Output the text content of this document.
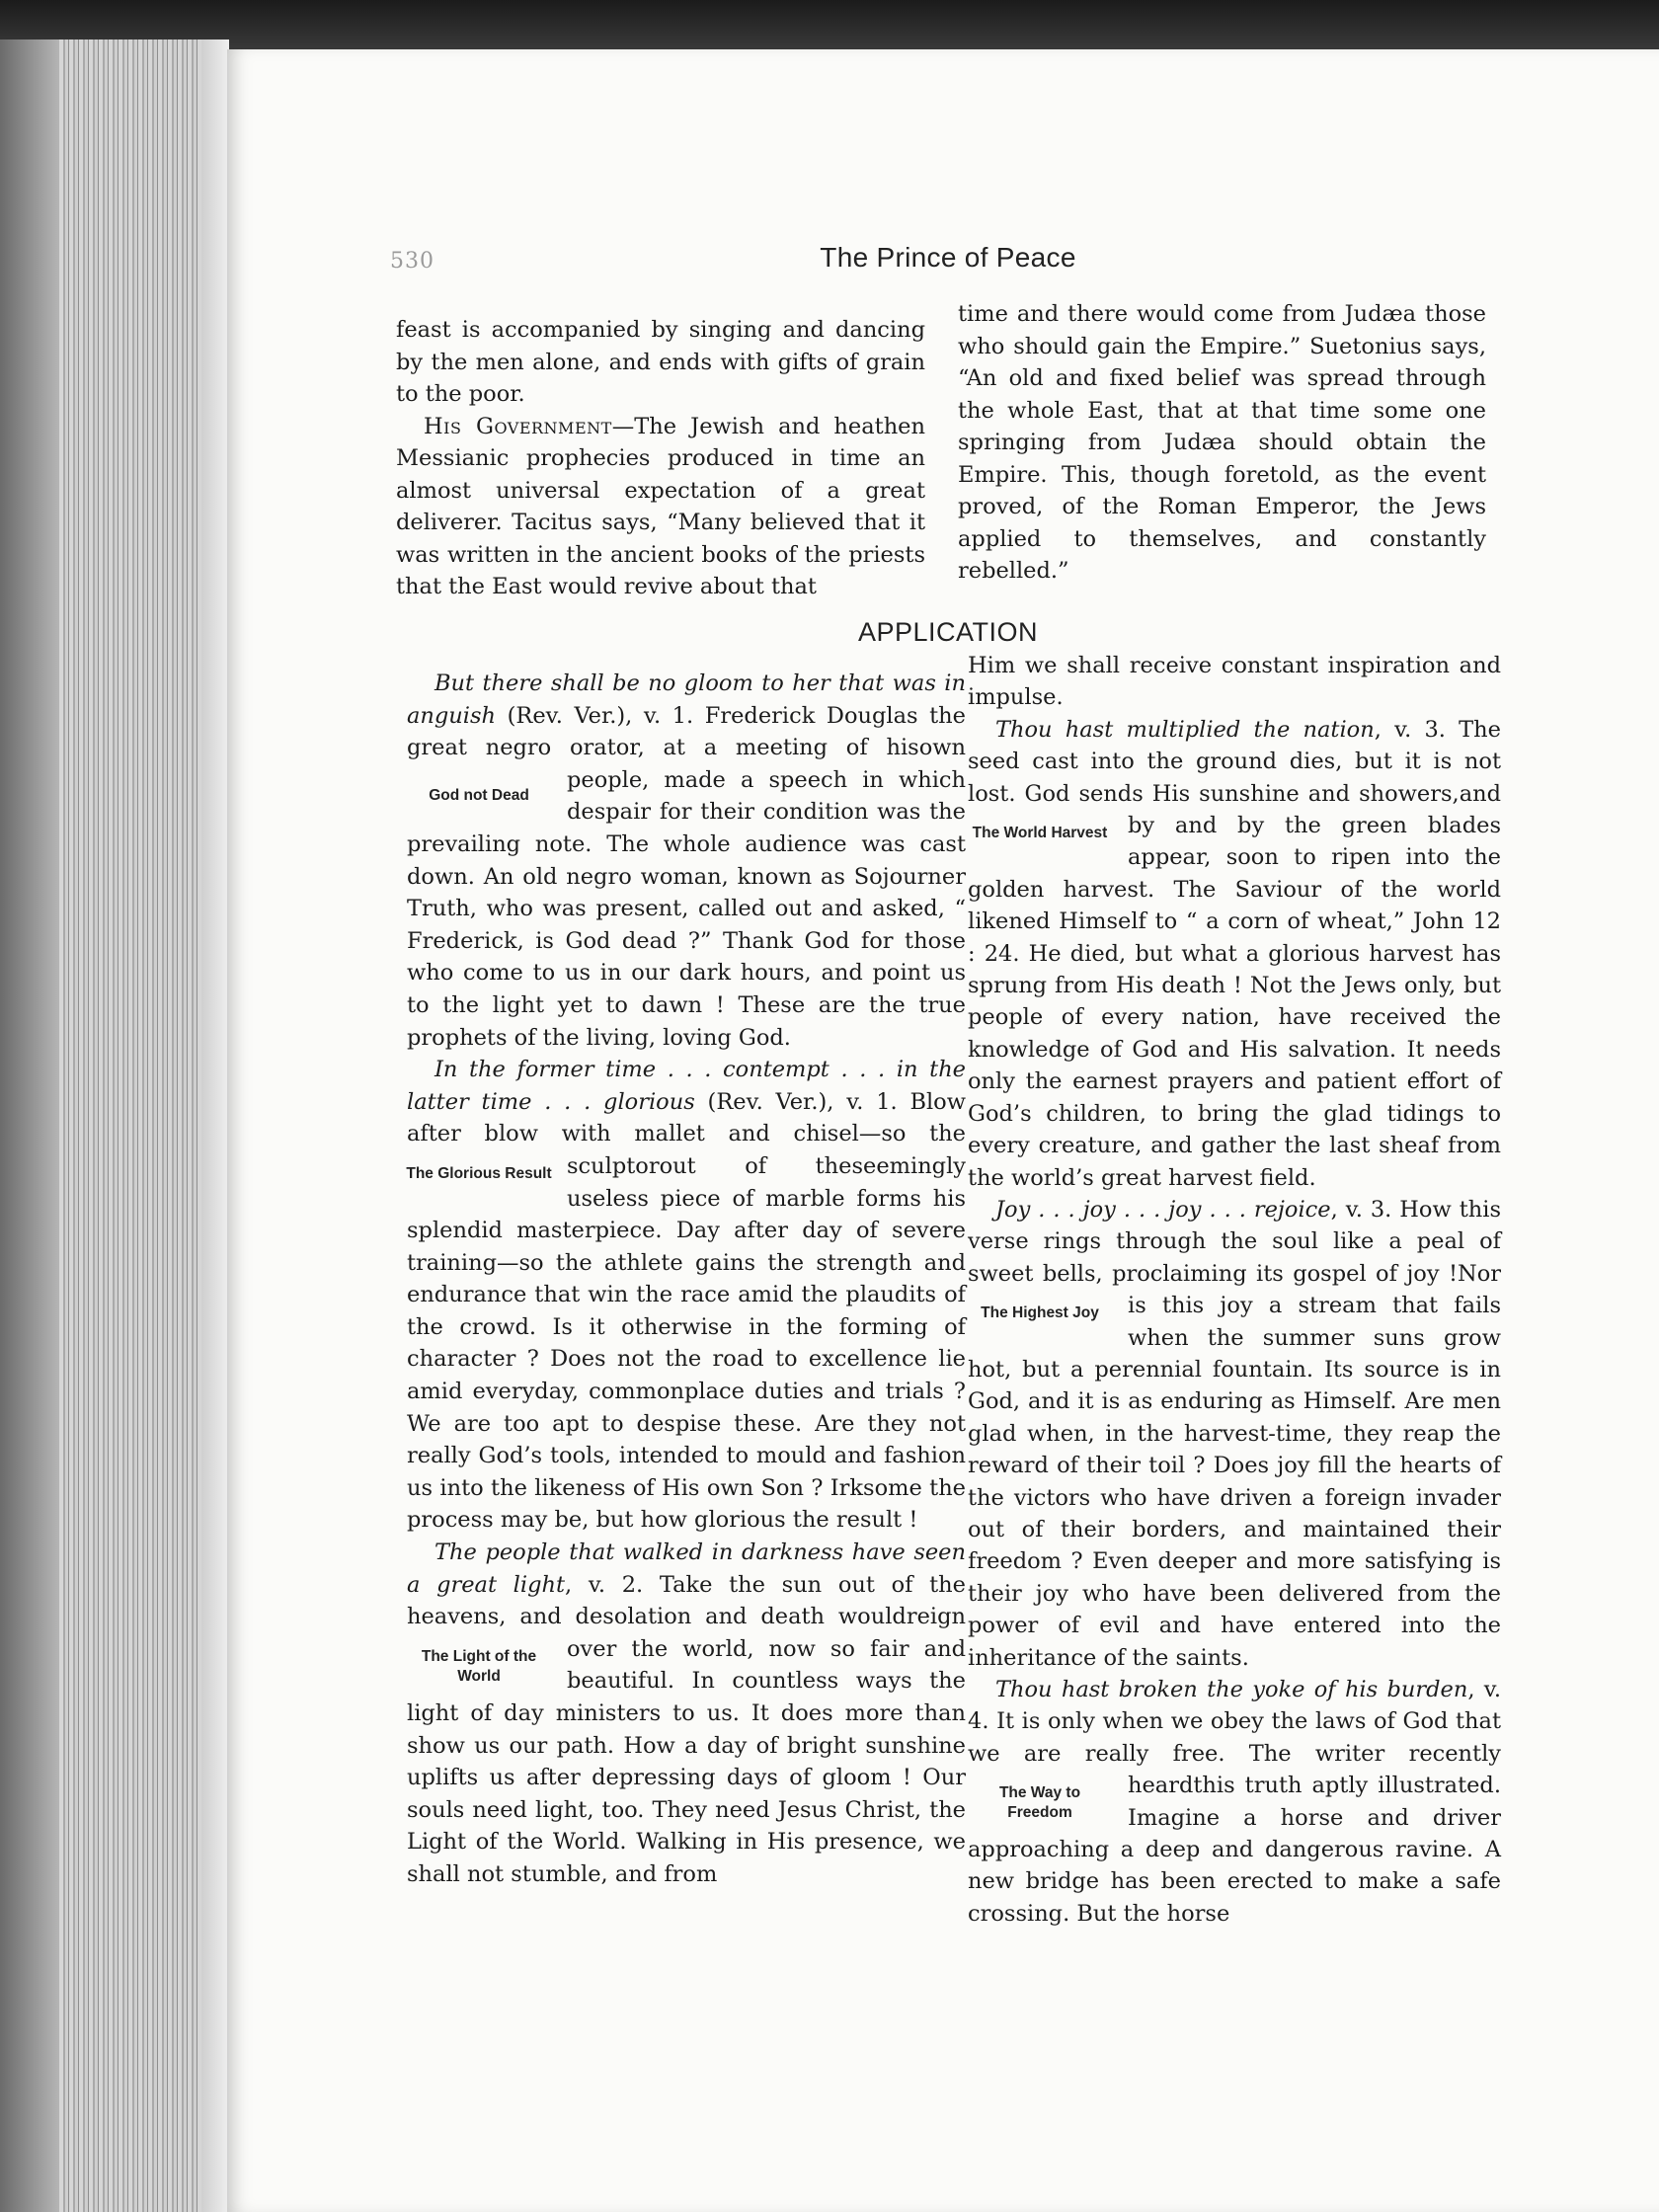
530	The Prince of Peace

feast is accompanied by singing and dancing by the men alone, and ends with gifts of grain to the poor.

His Government—The Jewish and heathen Messianic prophecies produced in time an almost universal expectation of a great deliverer. Tacitus says, “Many believed that it was written in the ancient books of the priests that the East would revive about that

time and there would come from Judæa those who should gain the Empire.” Suetonius says, “An old and fixed belief was spread through the whole East, that at that time some one springing from Judæa should obtain the Empire. This, though foretold, as the event proved, of the Roman Emperor, the Jews applied to themselves, and constantly rebelled.”

APPLICATION

But there shall be no gloom to her that was in anguish (Rev. Ver.), v. 1. Frederick Douglas the great negro orator, at a meeting of his
God not Dead
own people, made a speech in which despair for their condition was the prevailing note. The whole audience was cast down. An old negro woman, known as Sojourner Truth, who was present, called out and asked, “ Frederick, is God dead ?” Thank God for those who come to us in our dark hours, and point us to the light yet to dawn ! These are the true prophets of the living, loving God.

In the former time . . . contempt . . . in the latter time . . . glorious (Rev. Ver.), v. 1. Blow after blow with mallet and chisel—so the sculptor
The Glorious Result	out of theseemingly useless piece of marble forms his splendid masterpiece. Day after day of severe training—so the athlete gains the strength and endurance that win the race amid the plaudits of the crowd. Is it otherwise in the forming of character ? Does not the road to excellence lie amid everyday, commonplace duties and trials ? We are too apt to despise these. Are they not really God’s tools, intended to mould and fashion us into the likeness of His own Son ? Irksome the process may be, but how glorious the result !

The people that walked in darkness have seen a great light, v. 2. Take the sun out of the heavens, and desolation and death would
The Light of the World
reign over the world, now so fair and beautiful. In countless ways the light of day ministers to us. It does more than show us our path. How a day of bright sunshine uplifts us after depressing days of gloom ! Our souls need light, too. They need Jesus Christ, the Light of the World. Walking in His presence, we shall not stumble, and from

Him we shall receive constant inspiration and impulse.

Thou hast multiplied the nation, v. 3. The seed cast into the ground dies, but it is not lost. God sends His sunshine and showers,
The World Harvest
and by and by the green blades appear, soon to ripen into the golden harvest. The Saviour of the world likened Himself to “ a corn of wheat,” John 12 : 24. He died, but what a glorious harvest has sprung from His death ! Not the Jews only, but people of every nation, have received the knowledge of God and His salvation. It needs only the earnest prayers and patient effort of God’s children, to bring the glad tidings to every creature, and gather the last sheaf from the world’s great harvest field.

Joy . . . joy . . . joy . . . rejoice, v. 3. How this verse rings through the soul like a peal of sweet bells, proclaiming its gospel of joy !
The Highest Joy
Nor is this joy a stream that fails when the summer suns grow hot, but a perennial fountain. Its source is in God, and it is as enduring as Himself. Are men glad when, in the harvest-time, they reap the reward of their toil ? Does joy fill the hearts of the victors who have driven a foreign invader out of their borders, and maintained their freedom ? Even deeper and more satisfying is their joy who have been delivered from the power of evil and have entered into the inheritance of the saints.

Thou hast broken the yoke of his burden, v. 4. It is only when we obey the laws of God that we are really free. The writer recently heard
The Way to Freedom
this truth aptly illustrated. Imagine a horse and driver approaching a deep and dangerous ravine. A new bridge has been erected to make a safe crossing. But the horse
